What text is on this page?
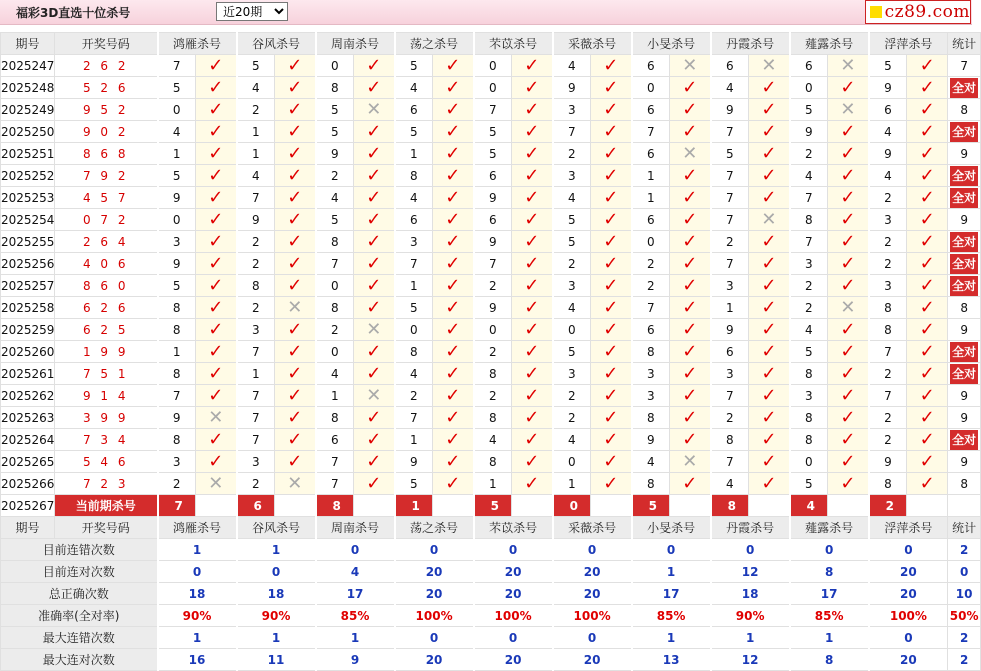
福彩3D直选十位杀号
近20期	cz89.com
期号	开奖号码	鸿雁杀号		谷风杀号		周南杀号		荡之杀号		芣苡杀号		采薇杀号		小旻杀号		丹霞杀号		薤露杀号		浮萍杀号		统计
2025247	2 6 2	7	✓	5	✓	0	✓	5	✓	0	✓	4	✓	6	✕	6	✕	6	✕	5	✓	7
2025248	5 2 6	5	✓	4	✓	8	✓	4	✓	0	✓	9	✓	0	✓	4	✓	0	✓	9	✓	全对
2025249	9 5 2	0	✓	2	✓	5	✕	6	✓	7	✓	3	✓	6	✓	9	✓	5	✕	6	✓	8
2025250	9 0 2	4	✓	1	✓	5	✓	5	✓	5	✓	7	✓	7	✓	7	✓	9	✓	4	✓	全对
2025251	8 6 8	1	✓	1	✓	9	✓	1	✓	5	✓	2	✓	6	✕	5	✓	2	✓	9	✓	9
2025252	7 9 2	5	✓	4	✓	2	✓	8	✓	6	✓	3	✓	1	✓	7	✓	4	✓	4	✓	全对
2025253	4 5 7	9	✓	7	✓	4	✓	4	✓	9	✓	4	✓	1	✓	7	✓	7	✓	2	✓	全对
2025254	0 7 2	0	✓	9	✓	5	✓	6	✓	6	✓	5	✓	6	✓	7	✕	8	✓	3	✓	9
2025255	2 6 4	3	✓	2	✓	8	✓	3	✓	9	✓	5	✓	0	✓	2	✓	7	✓	2	✓	全对
2025256	4 0 6	9	✓	2	✓	7	✓	7	✓	7	✓	2	✓	2	✓	7	✓	3	✓	2	✓	全对
2025257	8 6 0	5	✓	8	✓	0	✓	1	✓	2	✓	3	✓	2	✓	3	✓	2	✓	3	✓	全对
2025258	6 2 6	8	✓	2	✕	8	✓	5	✓	9	✓	4	✓	7	✓	1	✓	2	✕	8	✓	8
2025259	6 2 5	8	✓	3	✓	2	✕	0	✓	0	✓	0	✓	6	✓	9	✓	4	✓	8	✓	9
2025260	1 9 9	1	✓	7	✓	0	✓	8	✓	2	✓	5	✓	8	✓	6	✓	5	✓	7	✓	全对
2025261	7 5 1	8	✓	1	✓	4	✓	4	✓	8	✓	3	✓	3	✓	3	✓	8	✓	2	✓	全对
2025262	9 1 4	7	✓	7	✓	1	✕	2	✓	2	✓	2	✓	3	✓	7	✓	3	✓	7	✓	9
2025263	3 9 9	9	✕	7	✓	8	✓	7	✓	8	✓	2	✓	8	✓	2	✓	8	✓	2	✓	9
2025264	7 3 4	8	✓	7	✓	6	✓	1	✓	4	✓	4	✓	9	✓	8	✓	8	✓	2	✓	全对
2025265	5 4 6	3	✓	3	✓	7	✓	9	✓	8	✓	0	✓	4	✕	7	✓	0	✓	9	✓	9
2025266	7 2 3	2	✕	2	✕	7	✓	5	✓	1	✓	1	✓	8	✓	4	✓	5	✓	8	✓	8
2025267	当前期杀号	7		6		8		1		5		0		5		8		4		2		
期号	开奖号码	鸿雁杀号		谷风杀号		周南杀号		荡之杀号		芣苡杀号		采薇杀号		小旻杀号		丹霞杀号		薤露杀号		浮萍杀号		统计
目前连错次数		1		1		0		0		0		0		0		0		0		0		2
目前连对次数		0		0		4		20		20		20		1		12		8		20		0
总正确次数		18		18		17		20		20		20		17		18		17		20		10
准确率(全对率)		90%		90%		85%		100%		100%		100%		85%		90%		85%		100%		50%
最大连错次数		1		1		1		0		0		0		1		1		1		0		2
最大连对次数		16		11		9		20		20		20		13		12		8		20		2
